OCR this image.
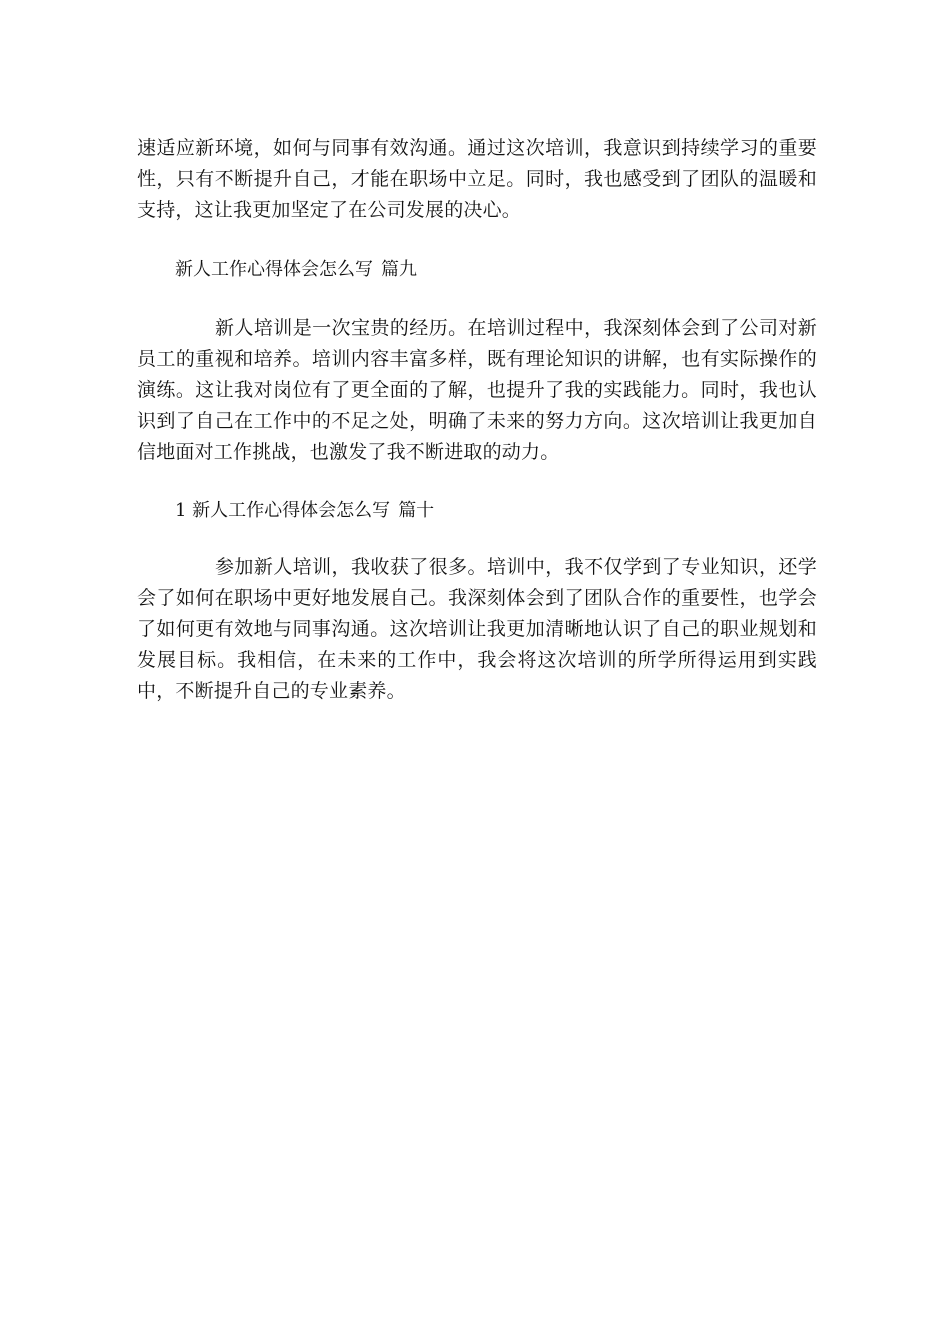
速适应新环境，如何与同事有效沟通。通过这次培训，我意识到持续学习的重要性，只有不断提升自己，才能在职场中立足。同时，我也感受到了团队的温暖和支持，这让我更加坚定了在公司发展的决心。

新人工作心得体会怎么写 篇九

新人培训是一次宝贵的经历。在培训过程中，我深刻体会到了公司对新员工的重视和培养。培训内容丰富多样，既有理论知识的讲解，也有实际操作的演练。这让我对岗位有了更全面的了解，也提升了我的实践能力。同时，我也认识到了自己在工作中的不足之处，明确了未来的努力方向。这次培训让我更加自信地面对工作挑战，也激发了我不断进取的动力。

1 新人工作心得体会怎么写 篇十

参加新人培训，我收获了很多。培训中，我不仅学到了专业知识，还学会了如何在职场中更好地发展自己。我深刻体会到了团队合作的重要性，也学会了如何更有效地与同事沟通。这次培训让我更加清晰地认识了自己的职业规划和发展目标。我相信，在未来的工作中，我会将这次培训的所学所得运用到实践中，不断提升自己的专业素养。
